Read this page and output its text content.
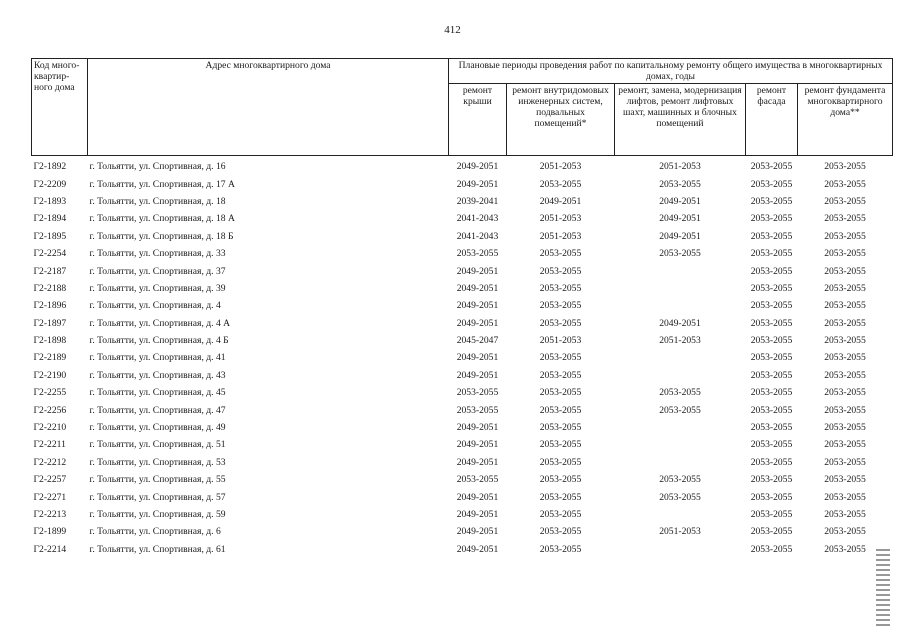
412
Код много-квартир-ного дома	Адрес многоквартирного дома	Плановые периоды проведения работ по капитальному ремонту общего имущества в многоквартирных домах, годы				
		ремонт крыши	ремонт внутридомовых инженерных систем, подвальных помещений*	ремонт, замена, модернизация лифтов, ремонт лифтовых шахт, машинных и блочных помещений	ремонт фасада	ремонт фундамента многоквартирного дома**
Г2-1892	г. Тольятти, ул. Спортивная, д. 16	2049-2051	2051-2053	2051-2053	2053-2055	2053-2055
Г2-2209	г. Тольятти, ул. Спортивная, д. 17 А	2049-2051	2053-2055	2053-2055	2053-2055	2053-2055
Г2-1893	г. Тольятти, ул. Спортивная, д. 18	2039-2041	2049-2051	2049-2051	2053-2055	2053-2055
Г2-1894	г. Тольятти, ул. Спортивная, д. 18 А	2041-2043	2051-2053	2049-2051	2053-2055	2053-2055
Г2-1895	г. Тольятти, ул. Спортивная, д. 18 Б	2041-2043	2051-2053	2049-2051	2053-2055	2053-2055
Г2-2254	г. Тольятти, ул. Спортивная, д. 33	2053-2055	2053-2055	2053-2055	2053-2055	2053-2055
Г2-2187	г. Тольятти, ул. Спортивная, д. 37	2049-2051	2053-2055		2053-2055	2053-2055
Г2-2188	г. Тольятти, ул. Спортивная, д. 39	2049-2051	2053-2055		2053-2055	2053-2055
Г2-1896	г. Тольятти, ул. Спортивная, д. 4	2049-2051	2053-2055		2053-2055	2053-2055
Г2-1897	г. Тольятти, ул. Спортивная, д. 4 А	2049-2051	2053-2055	2049-2051	2053-2055	2053-2055
Г2-1898	г. Тольятти, ул. Спортивная, д. 4 Б	2045-2047	2051-2053	2051-2053	2053-2055	2053-2055
Г2-2189	г. Тольятти, ул. Спортивная, д. 41	2049-2051	2053-2055		2053-2055	2053-2055
Г2-2190	г. Тольятти, ул. Спортивная, д. 43	2049-2051	2053-2055		2053-2055	2053-2055
Г2-2255	г. Тольятти, ул. Спортивная, д. 45	2053-2055	2053-2055	2053-2055	2053-2055	2053-2055
Г2-2256	г. Тольятти, ул. Спортивная, д. 47	2053-2055	2053-2055	2053-2055	2053-2055	2053-2055
Г2-2210	г. Тольятти, ул. Спортивная, д. 49	2049-2051	2053-2055		2053-2055	2053-2055
Г2-2211	г. Тольятти, ул. Спортивная, д. 51	2049-2051	2053-2055		2053-2055	2053-2055
Г2-2212	г. Тольятти, ул. Спортивная, д. 53	2049-2051	2053-2055		2053-2055	2053-2055
Г2-2257	г. Тольятти, ул. Спортивная, д. 55	2053-2055	2053-2055	2053-2055	2053-2055	2053-2055
Г2-2271	г. Тольятти, ул. Спортивная, д. 57	2049-2051	2053-2055	2053-2055	2053-2055	2053-2055
Г2-2213	г. Тольятти, ул. Спортивная, д. 59	2049-2051	2053-2055		2053-2055	2053-2055
Г2-1899	г. Тольятти, ул. Спортивная, д. 6	2049-2051	2053-2055	2051-2053	2053-2055	2053-2055
Г2-2214	г. Тольятти, ул. Спортивная, д. 61	2049-2051	2053-2055		2053-2055	2053-2055
